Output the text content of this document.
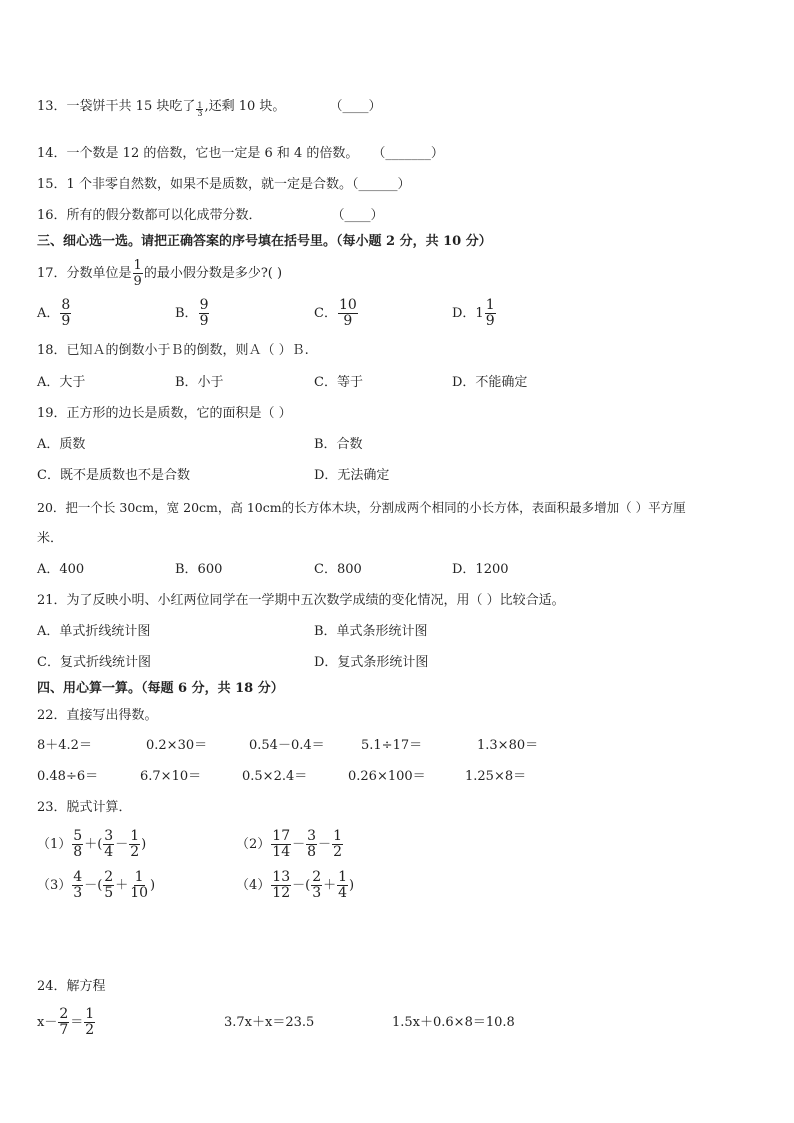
13．一袋饼干共 15 块吃了 $\frac{1}{3}$ ,还剩 10 块。	（____）
14．一个数是 12 的倍数，它也一定是 6 和 4 的倍数。 （_______）
15．1 个非零自然数，如果不是质数，就一定是合数。（______）
16．所有的假分数都可以化成带分数．	（____）
三、细心选一选。请把正确答案的序号填在括号里。（每小题 2 分，共 10 分）
17．分数单位是 $\frac{1}{9}$ 的最小假分数是多少?( )
A． $\frac{8}{9}$	B． $\frac{9}{9}$	C． $\frac{10}{9}$	D．$1 \frac{1}{9}$
18．已知Ａ的倒数小于Ｂ的倒数，则Ａ（ ）Ｂ.
A．大于	B．小于	C．等于	D．不能确定
19．正方形的边长是质数，它的面积是（ ）
A．质数	B．合数
C．既不是质数也不是合数	D．无法确定
20．把一个长 30cm，宽 20cm，高 10cm的长方体木块，分割成两个相同的小长方体，表面积最多增加（ ）平方厘
米．
A．400	B．600	C．800	D．1200
21．为了反映小明、小红两位同学在一学期中五次数学成绩的变化情况，用（ ）比较合适。
A．单式折线统计图	B．单式条形统计图
C．复式折线统计图	D．复式条形统计图
四、用心算一算。（每题 6 分，共 18 分）
22．直接写出得数。
8＋4.2＝	0.2×30＝	0.54－0.4＝	5.1÷17＝	1.3×80＝
0.48÷6＝	6.7×10＝	0.5×2.4＝	0.26×100＝	1.25×8＝
23．脱式计算．
$(1) \frac{5}{8}$ ＋( $\frac{3}{4} - \frac{1}{2}$ )	$(2) \frac{17}{14} - \frac{3}{8} - \frac{1}{2}$
$(3) \frac{4}{3}$ －( $\frac{2}{5} + \frac{1}{10}$ )	$(4) \frac{13}{12}$ －( $\frac{2}{3} + \frac{1}{4}$ )
24．解方程
$x- \frac{2}{7} = \frac{1}{2}$	3.7x＋x＝23.5	1.5x＋0.6×8＝10.8
